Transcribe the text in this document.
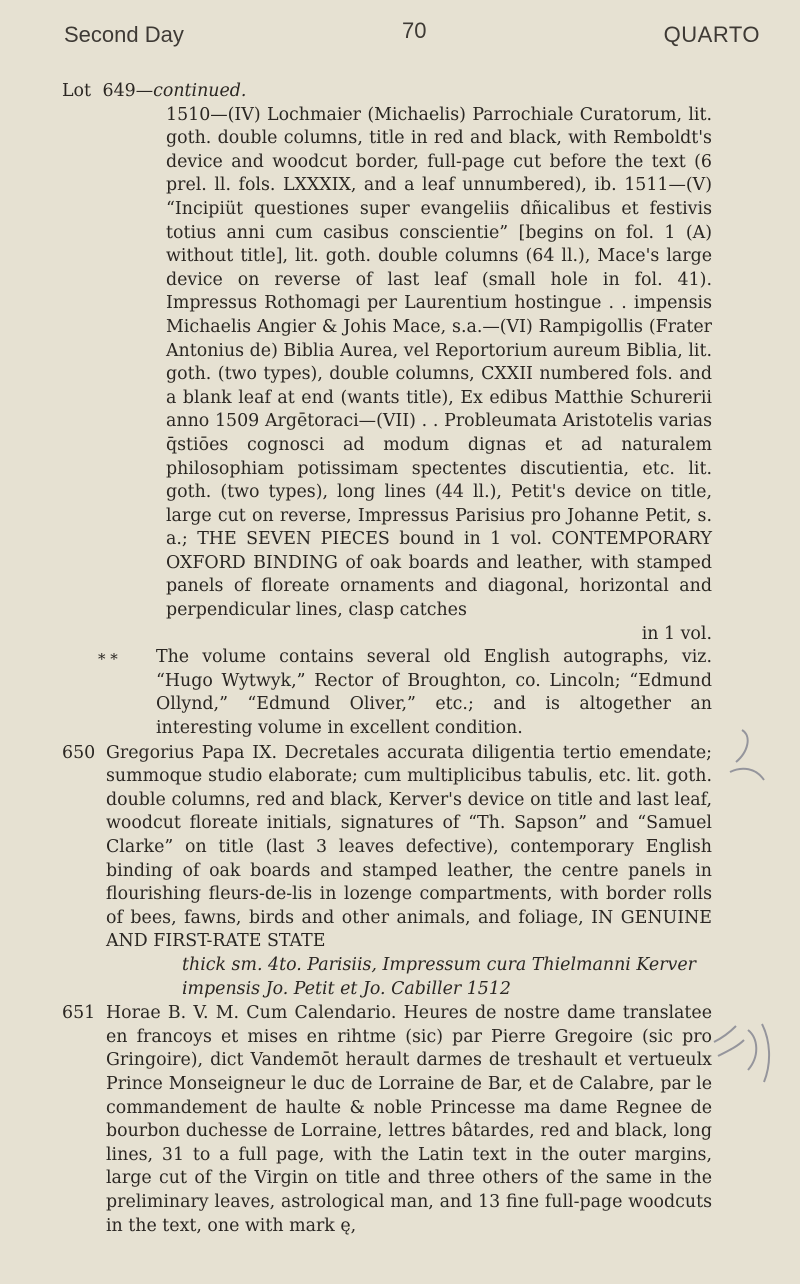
Second Day	70	QUARTO
Lot 649—continued.
1510—(IV) Lochmaier (Michaelis) Parrochiale Curatorum, lit. goth. double columns, title in red and black, with Remboldt's device and woodcut border, full-page cut before the text (6 prel. ll. fols. LXXXIX, and a leaf unnumbered), ib. 1511—(V) “Incipiüt questiones super evangeliis dñicalibus et festivis totius anni cum casibus conscientie” [begins on fol. 1 (A) without title], lit. goth. double columns (64 ll.), Mace's large device on reverse of last leaf (small hole in fol. 41). Impressus Rothomagi per Laurentium hostingue . . impensis Michaelis Angier & Johis Mace, s.a.—(VI) Rampigollis (Frater Antonius de) Biblia Aurea, vel Reportorium aureum Biblia, lit. goth. (two types), double columns, CXXII numbered fols. and a blank leaf at end (wants title), Ex edibus Matthie Schurerii anno 1509 Argētoraci—(VII) . . Probleumata Aristotelis varias q̄stiōes cognosci ad modum dignas et ad naturalem philosophiam potissimam spectentes discutientia, etc. lit. goth. (two types), long lines (44 ll.), Petit's device on title, large cut on reverse, Impressus Parisius pro Johanne Petit, s. a.; THE SEVEN PIECES bound in 1 vol. CONTEMPORARY OXFORD BINDING of oak boards and leather, with stamped panels of floreate ornaments and diagonal, horizontal and perpendicular lines, clasp catches
in 1 vol.
* * The volume contains several old English autographs, viz. “Hugo Wytwyk,” Rector of Broughton, co. Lincoln; “Edmund Ollynd,” “Edmund Oliver,” etc.; and is altogether an interesting volume in excellent condition.
650 Gregorius Papa IX. Decretales accurata diligentia tertio emendate; summoque studio elaborate; cum multiplicibus tabulis, etc. lit. goth. double columns, red and black, Kerver's device on title and last leaf, woodcut floreate initials, signatures of “Th. Sapson” and “Samuel Clarke” on title (last 3 leaves defective), contemporary English binding of oak boards and stamped leather, the centre panels in flourishing fleurs-de-lis in lozenge compartments, with border rolls of bees, fawns, birds and other animals, and foliage, IN GENUINE AND FIRST-RATE STATE
thick sm. 4to. Parisiis, Impressum cura Thielmanni Kerver impensis Jo. Petit et Jo. Cabiller 1512
651 Horae B. V. M. Cum Calendario. Heures de nostre dame translatee en francoys et mises en rihtme (sic) par Pierre Gregoire (sic pro Gringoire), dict Vandemōt herault darmes de treshault et vertueulx Prince Monseigneur le duc de Lorraine de Bar, et de Calabre, par le commandement de haulte & noble Princesse ma dame Regnee de bourbon duchesse de Lorraine, lettres bâtardes, red and black, long lines, 31 to a full page, with the Latin text in the outer margins, large cut of the Virgin on title and three others of the same in the preliminary leaves, astrological man, and 13 fine full-page woodcuts in the text, one with mark ę,
